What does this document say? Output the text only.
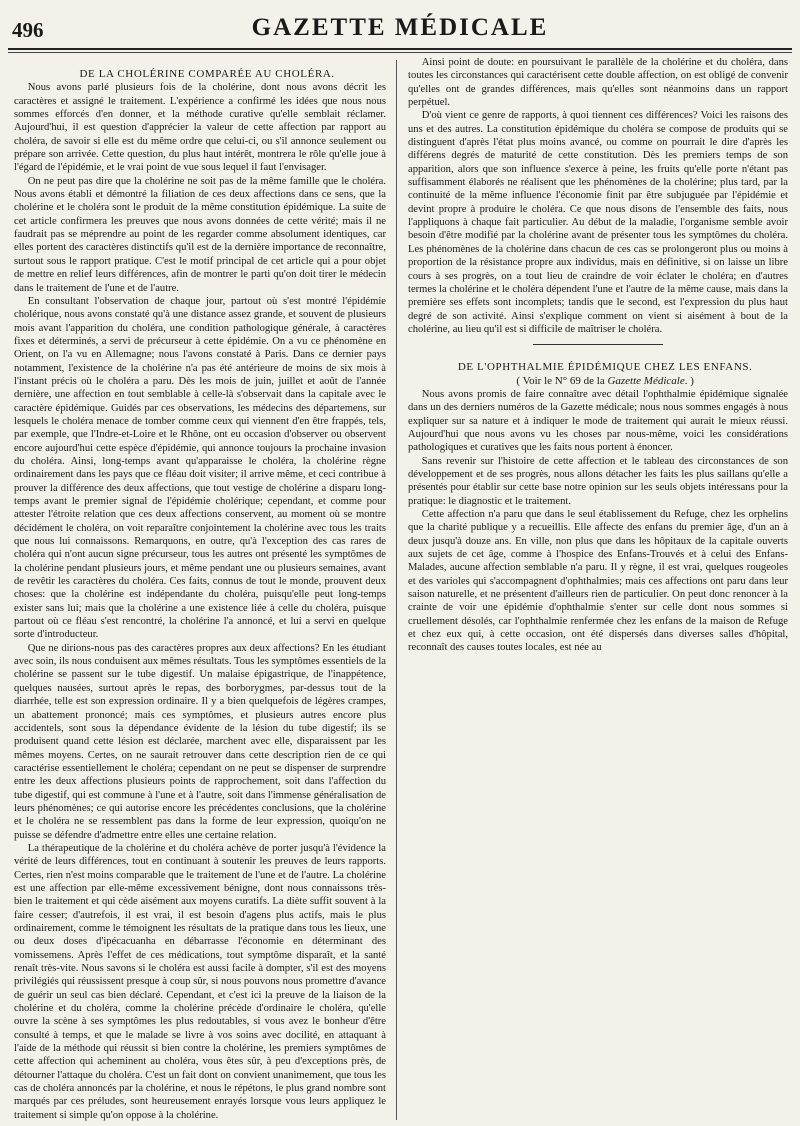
496	GAZETTE MÉDICALE

DE LA CHOLÉRINE COMPARÉE AU CHOLÉRA.

Nous avons parlé plusieurs fois de la cholérine, dont nous avons décrit les caractères et assigné le traitement. L'expérience a confirmé les idées que nous nous sommes efforcés d'en donner, et la méthode curative qu'elle semblait réclamer. Aujourd'hui, il est question d'apprécier la valeur de cette affection par rapport au choléra, de savoir si elle est du même ordre que celui-ci, ou s'il annonce seulement ou prépare son arrivée. Cette question, du plus haut intérêt, montrera le rôle qu'elle joue à l'égard de l'épidémie, et le vrai point de vue sous lequel il faut l'envisager.

On ne peut pas dire que la cholérine ne soit pas de la même famille que le choléra. Nous avons établi et démontré la filiation de ces deux affections dans ce sens, que la cholérine et le choléra sont le produit de la même constitution épidémique. La suite de cet article confirmera les preuves que nous avons données de cette vérité; mais il ne faudrait pas se méprendre au point de les regarder comme absolument identiques, car elles portent des caractères distinctifs qu'il est de la dernière importance de reconnaître, surtout sous le rapport pratique. C'est le motif principal de cet article qui a pour objet de mettre en relief leurs différences, afin de montrer le parti qu'on doit tirer le médecin dans le traitement de l'une et de l'autre.

En consultant l'observation de chaque jour, partout où s'est montré l'épidémie cholérique, nous avons constaté qu'à une distance assez grande, et souvent de plusieurs mois avant l'apparition du choléra, une condition pathologique générale, à caractères fixes et déterminés, a servi de précurseur à cette épidémie. On a vu ce phénomène en Orient, on l'a vu en Allemagne; nous l'avons constaté à Paris. Dans ce dernier pays notamment, l'existence de la cholérine n'a pas été antérieure de moins de six mois à l'instant précis où le choléra a paru. Dès les mois de juin, juillet et août de l'année dernière, une affection en tout semblable à celle-là s'observait dans la capitale avec le caractère épidémique. Guidés par ces observations, les médecins des départemens, sur lesquels le choléra menace de tomber comme ceux qui viennent d'en être frappés, tels, par exemple, que l'Indre-et-Loire et le Rhône, ont eu occasion d'observer ou observent encore aujourd'hui cette espèce d'épidémie, qui annonce toujours la prochaine invasion du choléra. Ainsi, long-temps avant qu'apparaisse le choléra, la cholérine règne ordinairement dans les pays que ce fléau doit visiter; il arrive même, et ceci contribue à prouver la différence des deux affections, que tout vestige de cholérine a disparu long-temps avant le premier signal de l'épidémie cholérique; cependant, et comme pour attester l'étroite relation que ces deux affections conservent, au moment où se montre décidément le choléra, on voit reparaître conjointement la cholérine avec tous les traits que nous lui connaissons. Remarquons, en outre, qu'à l'exception des cas rares de choléra qui n'ont aucun signe précurseur, tous les autres ont présenté les symptômes de la cholérine pendant plusieurs jours, et même pendant une ou plusieurs semaines, avant de revêtir les caractères du choléra. Ces faits, connus de tout le monde, prouvent deux choses: que la cholérine est indépendante du choléra, puisqu'elle peut long-temps exister sans lui; mais que la cholérine a une existence liée à celle du choléra, puisque partout où ce fléau s'est rencontré, la cholérine l'a annoncé, et lui a servi en quelque sorte d'introducteur.

Que ne dirions-nous pas des caractères propres aux deux affections? En les étudiant avec soin, ils nous conduisent aux mêmes résultats. Tous les symptômes essentiels de la cholérine se passent sur le tube digestif. Un malaise épigastrique, de l'inappétence, quelques nausées, surtout après le repas, des borborygmes, par-dessus tout de la diarrhée, telle est son expression ordinaire. Il y a bien quelquefois de légères crampes, un abattement prononcé; mais ces symptômes, et plusieurs autres encore plus accidentels, sont sous la dépendance évidente de la lésion du tube digestif; ils se produisent quand cette lésion est déclarée, marchent avec elle, disparaissent par les mêmes moyens. Certes, on ne saurait retrouver dans cette description rien de ce qui caractérise essentiellement le choléra; cependant on ne peut se dispenser de surprendre entre les deux affections plusieurs points de rapprochement, soit dans l'affection du tube digestif, qui est commune à l'une et à l'autre, soit dans l'immense généralisation de leurs phénomènes; ce qui autorise encore les précédentes conclusions, que la cholérine et le choléra ne se ressemblent pas dans la forme de leur expression, quoiqu'on ne puisse se défendre d'admettre entre elles une certaine relation.

La thérapeutique de la cholérine et du choléra achève de porter jusqu'à l'évidence la vérité de leurs différences, tout en continuant à soutenir les preuves de leurs rapports. Certes, rien n'est moins comparable que le traitement de l'une et de l'autre. La cholérine est une affection par elle-même excessivement bénigne, dont nous connaissons très-bien le traitement et qui cède aisément aux moyens curatifs. La diète suffit souvent à la faire cesser; d'autrefois, il est vrai, il est besoin d'agens plus actifs, mais le plus ordinairement, comme le témoignent les résultats de la pratique dans tous les lieux, une ou deux doses d'ipécacuanha en débarrasse l'économie en déterminant des vomissemens. Après l'effet de ces médications, tout symptôme disparaît, et la santé renaît très-vite. Nous savons si le choléra est aussi facile à dompter, s'il est des moyens privilégiés qui réussissent presque à coup sûr, si nous pouvons nous promettre d'avance de guérir un seul cas bien déclaré. Cependant, et c'est ici la preuve de la liaison de la cholérine et du choléra, comme la cholérine précède d'ordinaire le choléra, qu'elle ouvre la scène à ses symptômes les plus redoutables, si vous avez le bonheur d'être consulté à temps, et que le malade se livre à vos soins avec docilité, en attaquant à l'aide de la méthode qui réussit si bien contre la cholérine, les premiers symptômes de cette affection qui acheminent au choléra, vous êtes sûr, à peu d'exceptions près, de détourner l'attaque du choléra. C'est un fait dont on convient unanimement, que tous les cas de choléra annoncés par la cholérine, et nous le répétons, le plus grand nombre sont marqués par ces préludes, sont heureusement enrayés lorsque vous leurs appliquez le traitement si simple qu'on oppose à la cholérine.

Ainsi point de doute: en poursuivant le parallèle de la cholérine et du choléra, dans toutes les circonstances qui caractérisent cette double affection, on est obligé de convenir qu'elles ont de grandes différences, mais qu'elles sont néanmoins dans un rapport perpétuel.

D'où vient ce genre de rapports, à quoi tiennent ces différences? Voici les raisons des uns et des autres. La constitution épidémique du choléra se compose de produits qui se distinguent d'après l'état plus moins avancé, ou comme on pourrait le dire d'après les différens degrés de maturité de cette constitution. Dès les premiers temps de son apparition, alors que son influence s'exerce à peine, les fruits qu'elle porte n'étant pas suffisamment élaborés ne réalisent que les phénomènes de la cholérine; plus tard, par la continuité de la même influence l'économie finit par être subjuguée par l'épidémie et devint propre à produire le choléra. Ce que nous disons de l'ensemble des faits, nous l'appliquons à chaque fait particulier. Au début de la maladie, l'organisme semble avoir besoin d'être modifié par la cholérine avant de présenter tous les symptômes du choléra. Les phénomènes de la cholérine dans chacun de ces cas se prolongeront plus ou moins à proportion de la résistance propre aux individus, mais en définitive, si on laisse un libre cours à ses progrès, on a tout lieu de craindre de voir éclater le choléra; en d'autres termes la cholérine et le choléra dépendent l'une et l'autre de la même cause, mais dans la première ses effets sont incomplets; tandis que le second, est l'expression du plus haut degré de son activité. Ainsi s'explique comment on vient si aisément à bout de la cholérine, au lieu qu'il est si difficile de maîtriser le choléra.

DE L'OPHTHALMIE ÉPIDÉMIQUE CHEZ LES ENFANS.

( Voir le N° 69 de la Gazette Médicale. )

Nous avons promis de faire connaître avec détail l'ophthalmie épidémique signalée dans un des derniers numéros de la Gazette médicale; nous nous sommes engagés à nous expliquer sur sa nature et à indiquer le mode de traitement qui aurait le mieux réussi. Aujourd'hui que nous avons vu les choses par nous-même, voici les considérations pathologiques et curatives que les faits nous portent à énoncer.

Sans revenir sur l'histoire de cette affection et le tableau des circonstances de son développement et de ses progrès, nous allons détacher les faits les plus saillans qu'elle a présentés pour établir sur cette base notre opinion sur les seuls objets intéressans pour la pratique: le diagnostic et le traitement.

Cette affection n'a paru que dans le seul établissement du Refuge, chez les orphelins que la charité publique y a recueillis. Elle affecte des enfans du premier âge, d'un an à deux jusqu'à douze ans. En ville, non plus que dans les hôpitaux de la capitale ouverts aux sujets de cet âge, comme à l'hospice des Enfans-Trouvés et à celui des Enfans-Malades, aucune affection semblable n'a paru. Il y règne, il est vrai, quelques rougeoles et des varioles qui s'accompagnent d'ophthalmies; mais ces affections ont paru dans leur saison naturelle, et ne présentent d'ailleurs rien de particulier. On peut donc renoncer à la crainte de voir une épidémie d'ophthalmie s'enter sur celle dont nous sommes si cruellement désolés, car l'ophthalmie renfermée chez les enfans de la maison de Refuge et chez eux qui, à cette occasion, ont été dispersés dans diverses salles d'hôpital, reconnaît des causes toutes locales, est née au
